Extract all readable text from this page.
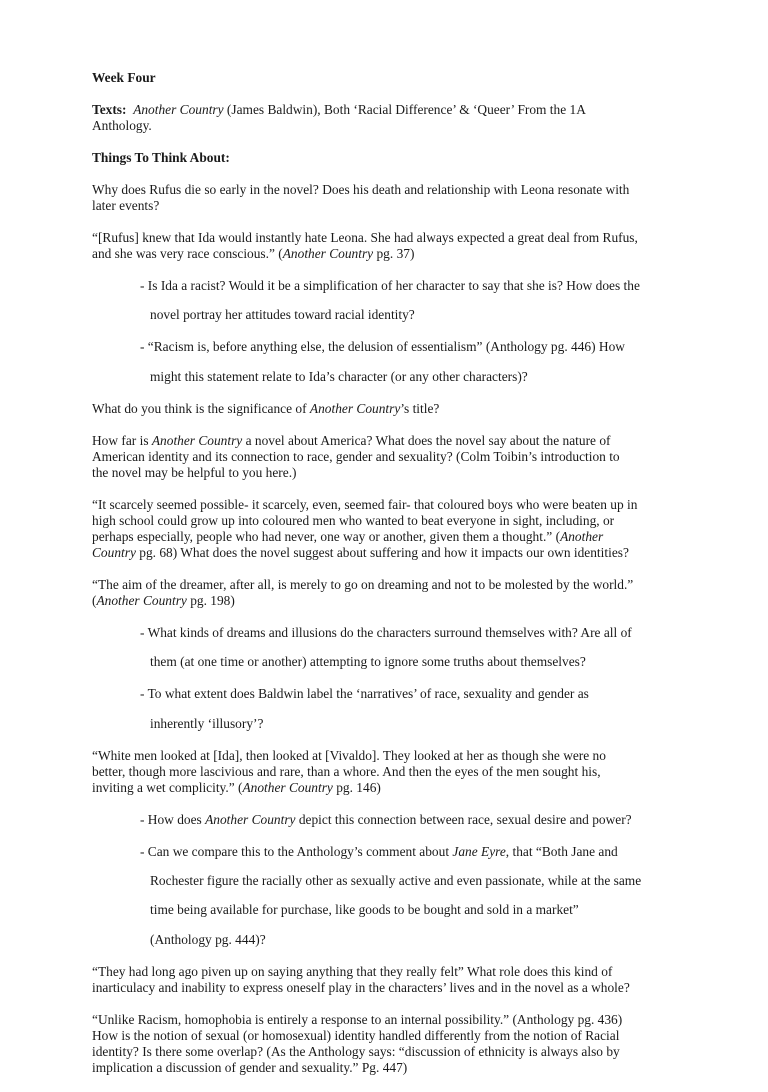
Week Four

Texts: Another Country (James Baldwin), Both ‘Racial Difference’ & ‘Queer’ From the 1A

Anthology.

Things To Think About:

Why does Rufus die so early in the novel? Does his death and relationship with Leona resonate with

later events?

“[Rufus] knew that Ida would instantly hate Leona. She had always expected a great deal from Rufus,

and she was very race conscious.” (Another Country pg. 37)

- Is Ida a racist? Would it be a simplification of her character to say that she is? How does the

novel portray her attitudes toward racial identity?

- “Racism is, before anything else, the delusion of essentialism” (Anthology pg. 446) How

might this statement relate to Ida’s character (or any other characters)?

What do you think is the significance of Another Country’s title?

How far is Another Country a novel about America? What does the novel say about the nature of

American identity and its connection to race, gender and sexuality? (Colm Toibin’s introduction to

the novel may be helpful to you here.)

“It scarcely seemed possible- it scarcely, even, seemed fair- that coloured boys who were beaten up in

high school could grow up into coloured men who wanted to beat everyone in sight, including, or

perhaps especially, people who had never, one way or another, given them a thought.” (Another

Country pg. 68) What does the novel suggest about suffering and how it impacts our own identities?

“The aim of the dreamer, after all, is merely to go on dreaming and not to be molested by the world.”

(Another Country pg. 198)

- What kinds of dreams and illusions do the characters surround themselves with? Are all of

them (at one time or another) attempting to ignore some truths about themselves?

- To what extent does Baldwin label the ‘narratives’ of race, sexuality and gender as

inherently ‘illusory’?

“White men looked at [Ida], then looked at [Vivaldo]. They looked at her as though she were no

better, though more lascivious and rare, than a whore. And then the eyes of the men sought his,

inviting a wet complicity.” (Another Country pg. 146)

- How does Another Country depict this connection between race, sexual desire and power?

- Can we compare this to the Anthology’s comment about Jane Eyre, that “Both Jane and

Rochester figure the racially other as sexually active and even passionate, while at the same

time being available for purchase, like goods to be bought and sold in a market”

(Anthology pg. 444)?

“They had long ago piven up on saying anything that they really felt” What role does this kind of

inarticulacy and inability to express oneself play in the characters’ lives and in the novel as a whole?

“Unlike Racism, homophobia is entirely a response to an internal possibility.” (Anthology pg. 436)

How is the notion of sexual (or homosexual) identity handled differently from the notion of Racial

identity? Is there some overlap? (As the Anthology says: “discussion of ethnicity is always also by

implication a discussion of gender and sexuality.” Pg. 447)
